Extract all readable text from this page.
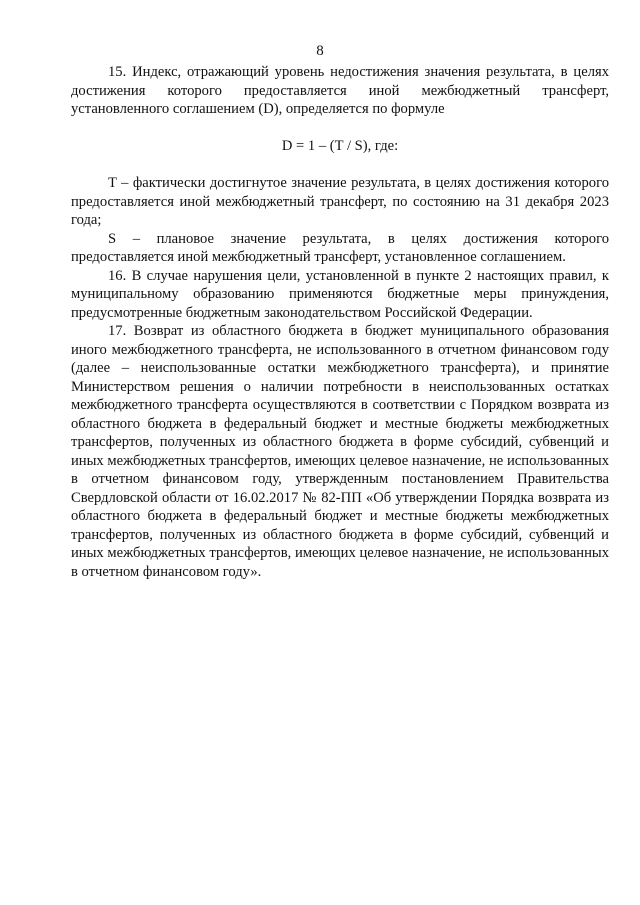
8

15. Индекс, отражающий уровень недостижения значения результата, в целях достижения которого предоставляется иной межбюджетный трансферт, установленного соглашением (D), определяется по формуле

D = 1 – (T / S), где:

T – фактически достигнутое значение результата, в целях достижения которого предоставляется иной межбюджетный трансферт, по состоянию на 31 декабря 2023 года;

S – плановое значение результата, в целях достижения которого предоставляется иной межбюджетный трансферт, установленное соглашением.

16. В случае нарушения цели, установленной в пункте 2 настоящих правил, к муниципальному образованию применяются бюджетные меры принуждения, предусмотренные бюджетным законодательством Российской Федерации.

17. Возврат из областного бюджета в бюджет муниципального образования иного межбюджетного трансферта, не использованного в отчетном финансовом году (далее – неиспользованные остатки межбюджетного трансферта), и принятие Министерством решения о наличии потребности в неиспользованных остатках межбюджетного трансферта осуществляются в соответствии с Порядком возврата из областного бюджета в федеральный бюджет и местные бюджеты межбюджетных трансфертов, полученных из областного бюджета в форме субсидий, субвенций и иных межбюджетных трансфертов, имеющих целевое назначение, не использованных в отчетном финансовом году, утвержденным постановлением Правительства Свердловской области от 16.02.2017 № 82-ПП «Об утверждении Порядка возврата из областного бюджета в федеральный бюджет и местные бюджеты межбюджетных трансфертов, полученных из областного бюджета в форме субсидий, субвенций и иных межбюджетных трансфертов, имеющих целевое назначение, не использованных в отчетном финансовом году».
